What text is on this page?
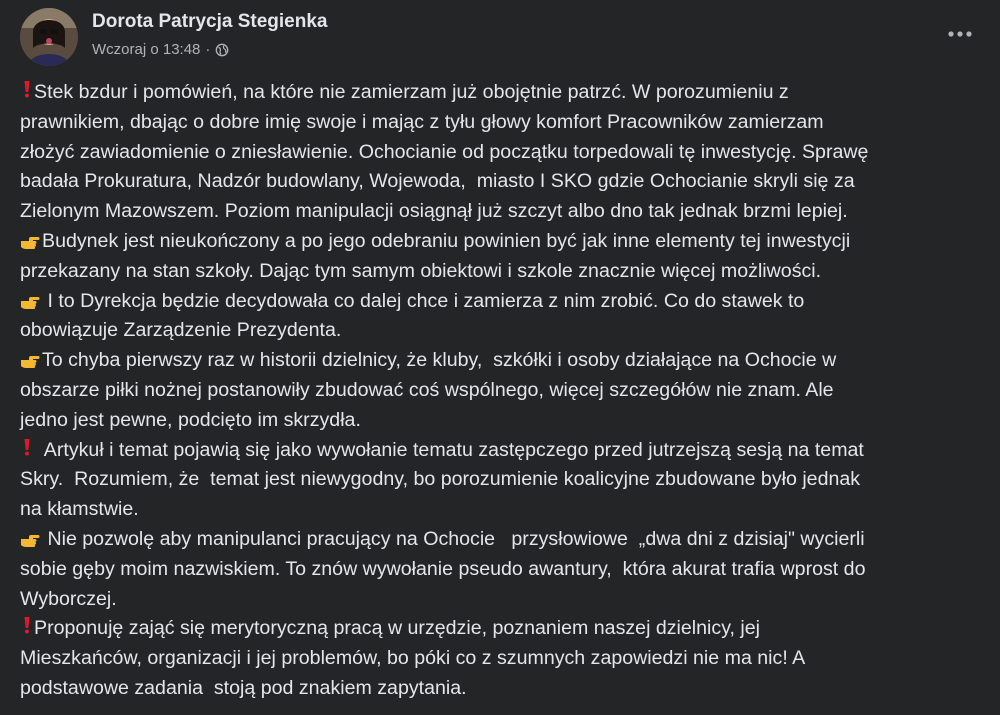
Dorota Patrycja Stegienka
Wczoraj o 13:48 ·
Stek bzdur i pomówień, na które nie zamierzam już obojętnie patrzć. W porozumieniu z
prawnikiem, dbając o dobre imię swoje i mając z tyłu głowy komfort Pracowników zamierzam
złożyć zawiadomienie o zniesławienie. Ochocianie od początku torpedowali tę inwestycję. Sprawę
badała Prokuratura, Nadzór budowlany, Wojewoda,  miasto I SKO gdzie Ochocianie skryli się za
Zielonym Mazowszem. Poziom manipulacji osiągnął już szczyt albo dno tak jednak brzmi lepiej.
Budynek jest nieukończony a po jego odebraniu powinien być jak inne elementy tej inwestycji
przekazany na stan szkoły. Dając tym samym obiektowi i szkole znacznie więcej możliwości.
I to Dyrekcja będzie decydowała co dalej chce i zamierza z nim zrobić. Co do stawek to
obowiązuje Zarządzenie Prezydenta.
To chyba pierwszy raz w historii dzielnicy, że kluby,  szkółki i osoby działające na Ochocie w
obszarze piłki nożnej postanowiły zbudować coś wspólnego, więcej szczegółów nie znam. Ale
jedno jest pewne, podcięto im skrzydła.
Artykuł i temat pojawią się jako wywołanie tematu zastępczego przed jutrzejszą sesją na temat
Skry.  Rozumiem, że  temat jest niewygodny, bo porozumienie koalicyjne zbudowane było jednak
na kłamstwie.
Nie pozwolę aby manipulanci pracujący na Ochocie   przysłowiowe  „dwa dni z dzisiaj" wycierli
sobie gęby moim nazwiskiem. To znów wywołanie pseudo awantury,  która akurat trafia wprost do
Wyborczej.
Proponuję zająć się merytoryczną pracą w urzędzie, poznaniem naszej dzielnicy, jej
Mieszkańców, organizacji i jej problemów, bo póki co z szumnych zapowiedzi nie ma nic! A
podstawowe zadania  stoją pod znakiem zapytania.
